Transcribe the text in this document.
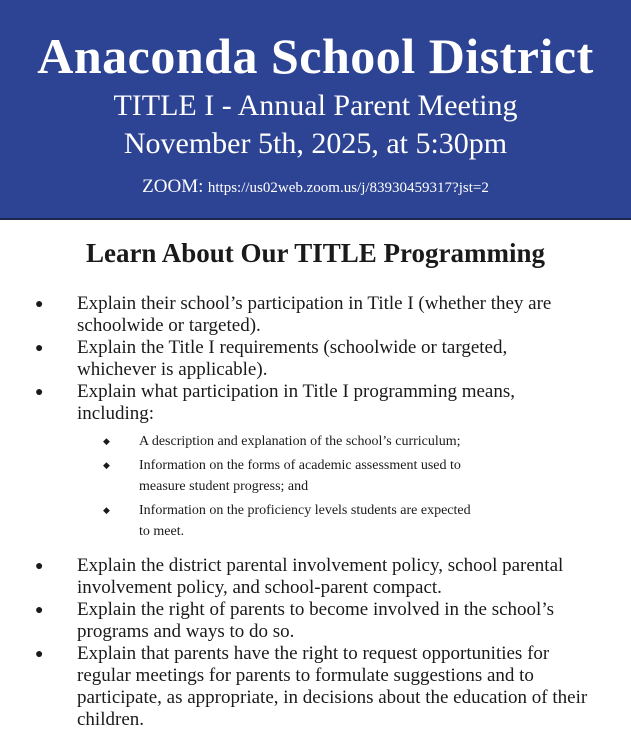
Anaconda School District
TITLE I - Annual Parent Meeting
November 5th, 2025, at 5:30pm
ZOOM: https://us02web.zoom.us/j/83930459317?jst=2
Learn About Our TITLE Programming
● Explain their school’s participation in Title I (whether they are schoolwide or targeted).
● Explain the Title I requirements (schoolwide or targeted, whichever is applicable).
● Explain what participation in Title I programming means, including:
◆ A description and explanation of the school’s curriculum;
◆ Information on the forms of academic assessment used to measure student progress; and
◆ Information on the proficiency levels students are expected to meet.
● Explain the district parental involvement policy, school parental involvement policy, and school-parent compact.
● Explain the right of parents to become involved in the school’s programs and ways to do so.
● Explain that parents have the right to request opportunities for regular meetings for parents to formulate suggestions and to participate, as appropriate, in decisions about the education of their children.
